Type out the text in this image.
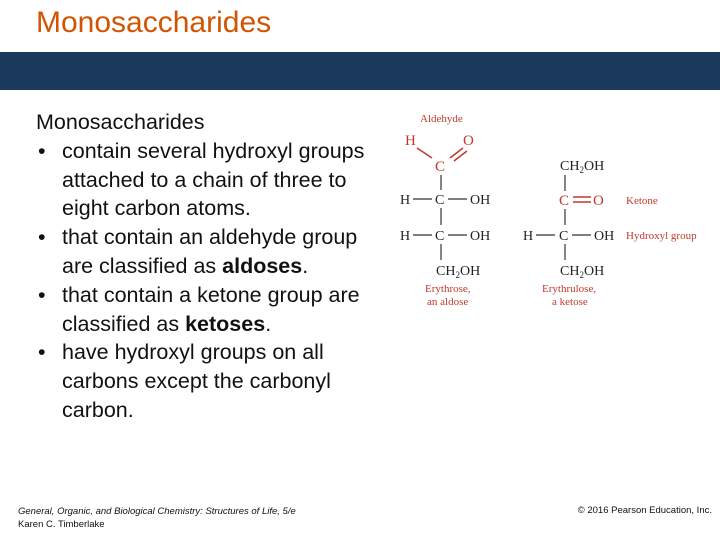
Monosaccharides
Monosaccharides
• contain several hydroxyl groups attached to a chain of three to eight carbon atoms.
• that contain an aldehyde group are classified as aldoses.
• that contain a ketone group are classified as ketoses.
• have hydroxyl groups on all carbons except the carbonyl carbon.
Aldehyde
H	O
C
H C OH
H C OH
$CH_2OH$
Erythrose,
an aldose
$CH_2OH$
C O Ketone
H C OH Hydroxyl group
$CH_2OH$
Erythrulose,
a ketose
General, Organic, and Biological Chemistry: Structures of Life, 5/e
Karen C. Timberlake
© 2016 Pearson Education, Inc.
